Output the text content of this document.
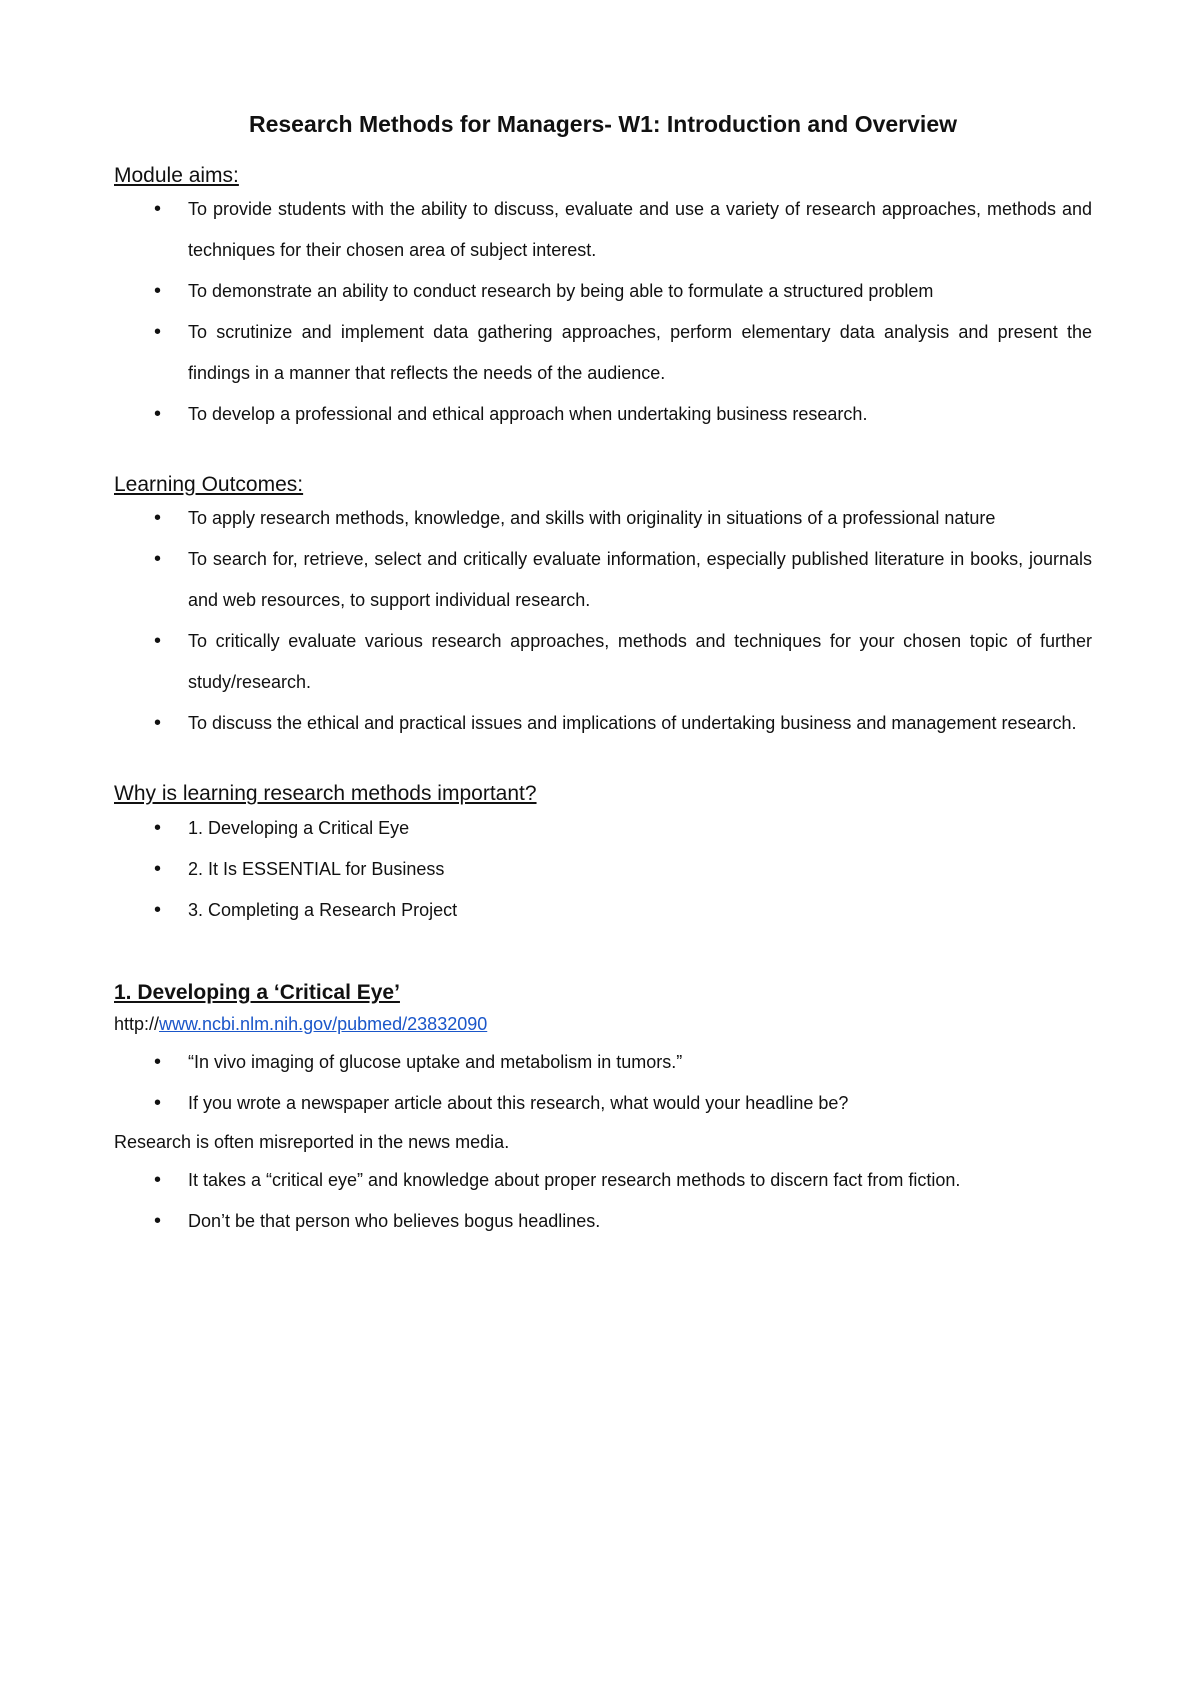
Research Methods for Managers- W1: Introduction and Overview
Module aims:
• To provide students with the ability to discuss, evaluate and use a variety of research approaches, methods and techniques for their chosen area of subject interest.
• To demonstrate an ability to conduct research by being able to formulate a structured problem
• To scrutinize and implement data gathering approaches, perform elementary data analysis and present the findings in a manner that reflects the needs of the audience.
• To develop a professional and ethical approach when undertaking business research.
Learning Outcomes:
• To apply research methods, knowledge, and skills with originality in situations of a professional nature
• To search for, retrieve, select and critically evaluate information, especially published literature in books, journals and web resources, to support individual research.
• To critically evaluate various research approaches, methods and techniques for your chosen topic of further study/research.
• To discuss the ethical and practical issues and implications of undertaking business and management research.
Why is learning research methods important?
• 1. Developing a Critical Eye
• 2. It Is ESSENTIAL for Business
• 3. Completing a Research Project
1. Developing a ‘Critical Eye’

http://www.ncbi.nlm.nih.gov/pubmed/23832090

• “In vivo imaging of glucose uptake and metabolism in tumors.”
• If you wrote a newspaper article about this research, what would your headline be?

Research is often misreported in the news media.

• It takes a “critical eye” and knowledge about proper research methods to discern fact from fiction.
• Don’t be that person who believes bogus headlines.
